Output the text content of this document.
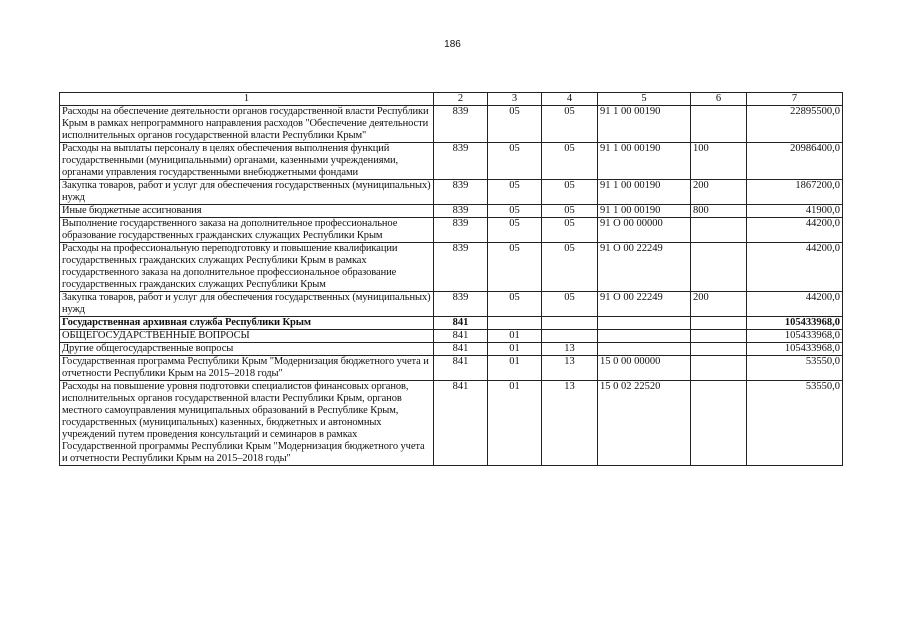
186
1	2	3	4	5	6	7
Расходы на обеспечение деятельности органов государственной власти Республики Крым в рамках непрограммного направления расходов "Обеспечение деятельности исполнительных органов государственной власти Республики Крым"	839	05	05	91 1 00 00190		22895500,0
Расходы на выплаты персоналу в целях обеспечения выполнения функций государственными (муниципальными) органами, казенными учреждениями, органами управления государственными внебюджетными фондами	839	05	05	91 1 00 00190	100	20986400,0
Закупка товаров, работ и услуг для обеспечения государственных (муниципальных) нужд	839	05	05	91 1 00 00190	200	1867200,0
Иные бюджетные ассигнования	839	05	05	91 1 00 00190	800	41900,0
Выполнение государственного заказа на дополнительное профессиональное образование государственных гражданских служащих Республики Крым	839	05	05	91 О 00 00000		44200,0
Расходы на профессиональную переподготовку и повышение квалификации государственных гражданских служащих Республики Крым в рамках государственного заказа на дополнительное профессиональное образование государственных гражданских служащих Республики Крым	839	05	05	91 О 00 22249		44200,0
Закупка товаров, работ и услуг для обеспечения государственных (муниципальных) нужд	839	05	05	91 О 00 22249	200	44200,0
Государственная архивная служба Республики Крым	841					105433968,0
ОБЩЕГОСУДАРСТВЕННЫЕ ВОПРОСЫ	841	01				105433968,0
Другие общегосударственные вопросы	841	01	13			105433968,0
Государственная программа Республики Крым "Модернизация бюджетного учета и отчетности Республики Крым на 2015–2018 годы"	841	01	13	15 0 00 00000		53550,0
Расходы на повышение уровня подготовки специалистов финансовых органов, исполнительных органов государственной власти Республики Крым, органов местного самоуправления муниципальных образований в Республике Крым, государственных (муниципальных) казенных, бюджетных и автономных учреждений путем проведения консультаций и семинаров в рамках Государственной программы Республики Крым "Модернизация бюджетного учета и отчетности Республики Крым на 2015–2018 годы"	841	01	13	15 0 02 22520		53550,0
